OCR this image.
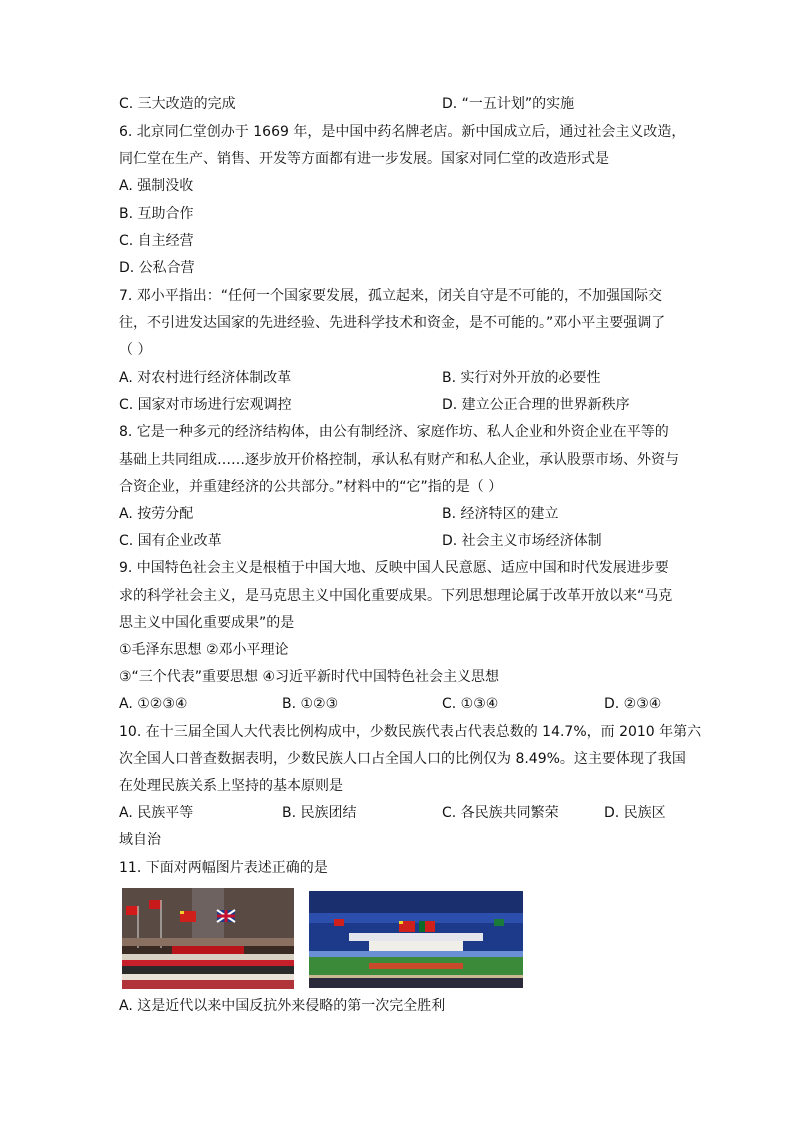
C. 三大改造的完成	D. “一五计划”的实施
6. 北京同仁堂创办于 1669 年，是中国中药名牌老店。新中国成立后，通过社会主义改造，
同仁堂在生产、销售、开发等方面都有进一步发展。国家对同仁堂的改造形式是
A. 强制没收
B. 互助合作
C. 自主经营
D. 公私合营
7. 邓小平指出：“任何一个国家要发展，孤立起来，闭关自守是不可能的，不加强国际交
往，不引进发达国家的先进经验、先进科学技术和资金，是不可能的。”邓小平主要强调了
（ ）
A. 对农村进行经济体制改革	B. 实行对外开放的必要性
C. 国家对市场进行宏观调控	D. 建立公正合理的世界新秩序
8. 它是一种多元的经济结构体，由公有制经济、家庭作坊、私人企业和外资企业在平等的
基础上共同组成……逐步放开价格控制，承认私有财产和私人企业，承认股票市场、外资与
合资企业，并重建经济的公共部分。”材料中的“它”指的是（ ）
A. 按劳分配	B. 经济特区的建立
C. 国有企业改革	D. 社会主义市场经济体制
9. 中国特色社会主义是根植于中国大地、反映中国人民意愿、适应中国和时代发展进步要
求的科学社会主义，是马克思主义中国化重要成果。下列思想理论属于改革开放以来“马克
思主义中国化重要成果”的是
①毛泽东思想 ②邓小平理论
③“三个代表”重要思想 ④习近平新时代中国特色社会主义思想
A. ①②③④	B. ①②③	C. ①③④	D. ②③④
10. 在十三届全国人大代表比例构成中，少数民族代表占代表总数的 14.7%，而 2010 年第六
次全国人口普查数据表明，少数民族人口占全国人口的比例仅为 8.49%。这主要体现了我国
在处理民族关系上坚持的基本原则是
A. 民族平等	B. 民族团结	C. 各民族共同繁荣	D. 民族区
域自治
11. 下面对两幅图片表述正确的是
A. 这是近代以来中国反抗外来侵略的第一次完全胜利
